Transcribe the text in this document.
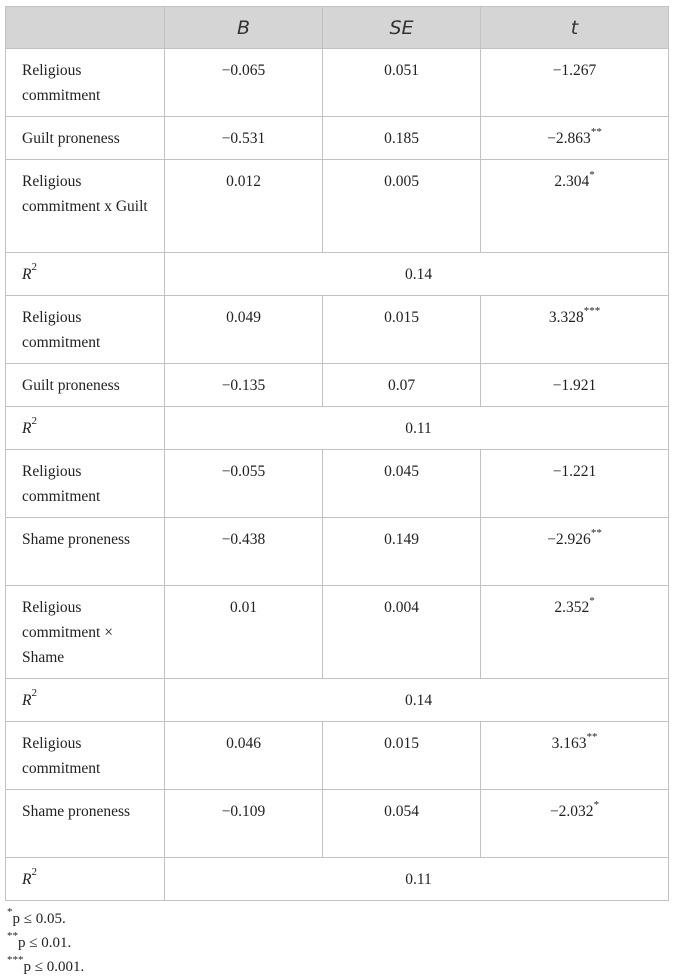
	B	SE	t
Religious commitment	−0.065	0.051	−1.267
Guilt proneness	−0.531	0.185	−2.863**
Religious commitment x Guilt	0.012	0.005	2.304*
$R^2$	0.14		
Religious commitment	0.049	0.015	3.328***
Guilt proneness	−0.135	0.07	−1.921
$R^2$	0.11		
Religious commitment	−0.055	0.045	−1.221
Shame proneness	−0.438	0.149	−2.926**
Religious commitment × Shame	0.01	0.004	2.352*
$R^2$	0.14		
Religious commitment	0.046	0.015	3.163**
Shame proneness	−0.109	0.054	−2.032*
$R^2$	0.11		
*p ≤ 0.05.
**p ≤ 0.01.
***p ≤ 0.001.
